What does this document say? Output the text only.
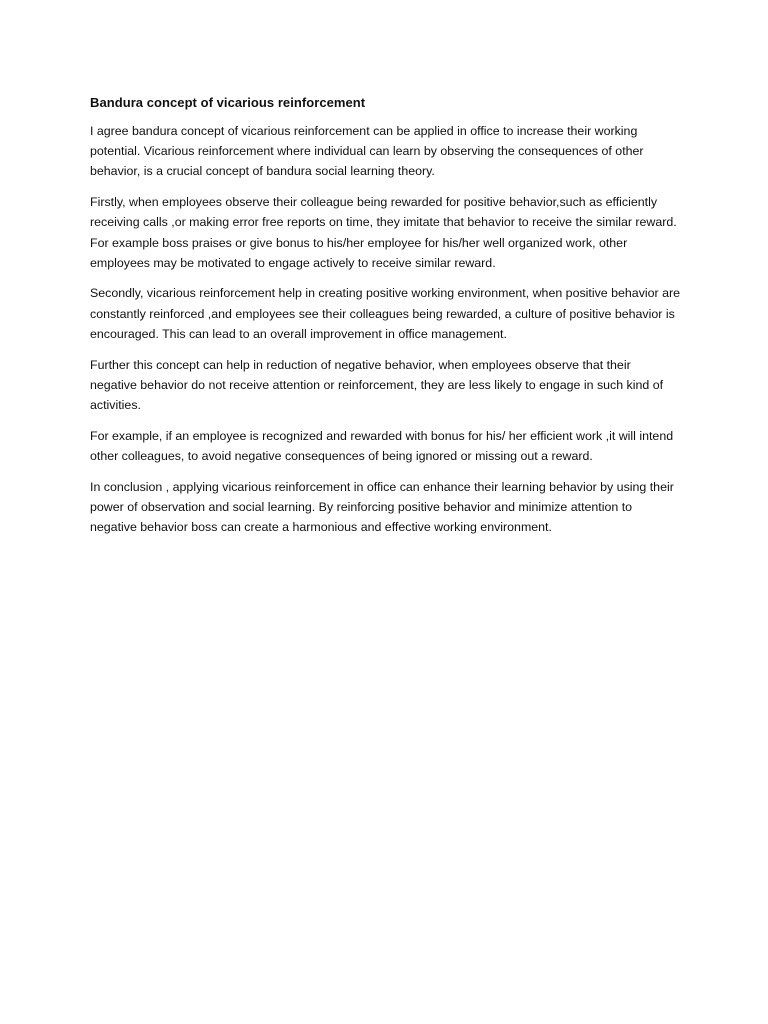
Bandura concept of vicarious reinforcement

I agree bandura concept of vicarious reinforcement can be applied in office to increase their working potential. Vicarious reinforcement where individual can learn by observing the consequences of other behavior, is a crucial concept of bandura social learning theory.

Firstly, when employees observe their colleague being rewarded for positive behavior,such as efficiently receiving calls ,or making error free reports on time, they imitate that behavior to receive the similar reward. For example boss praises or give bonus to his/her employee for his/her well organized work, other employees may be motivated to engage actively to receive similar reward.

Secondly, vicarious reinforcement help in creating positive working environment, when positive behavior are constantly reinforced ,and employees see their colleagues being rewarded, a culture of positive behavior is encouraged. This can lead to an overall improvement in office management.

Further this concept can help in reduction of negative behavior, when employees observe that their negative behavior do not receive attention or reinforcement, they are less likely to engage in such kind of activities.

For example, if an employee is recognized and rewarded with bonus for his/ her efficient work ,it will intend other colleagues, to avoid negative consequences of being ignored or missing out a reward.

In conclusion , applying vicarious reinforcement in office can enhance their learning behavior by using their power of observation and social learning. By reinforcing positive behavior and minimize attention to negative behavior boss can create a harmonious and effective working environment.
